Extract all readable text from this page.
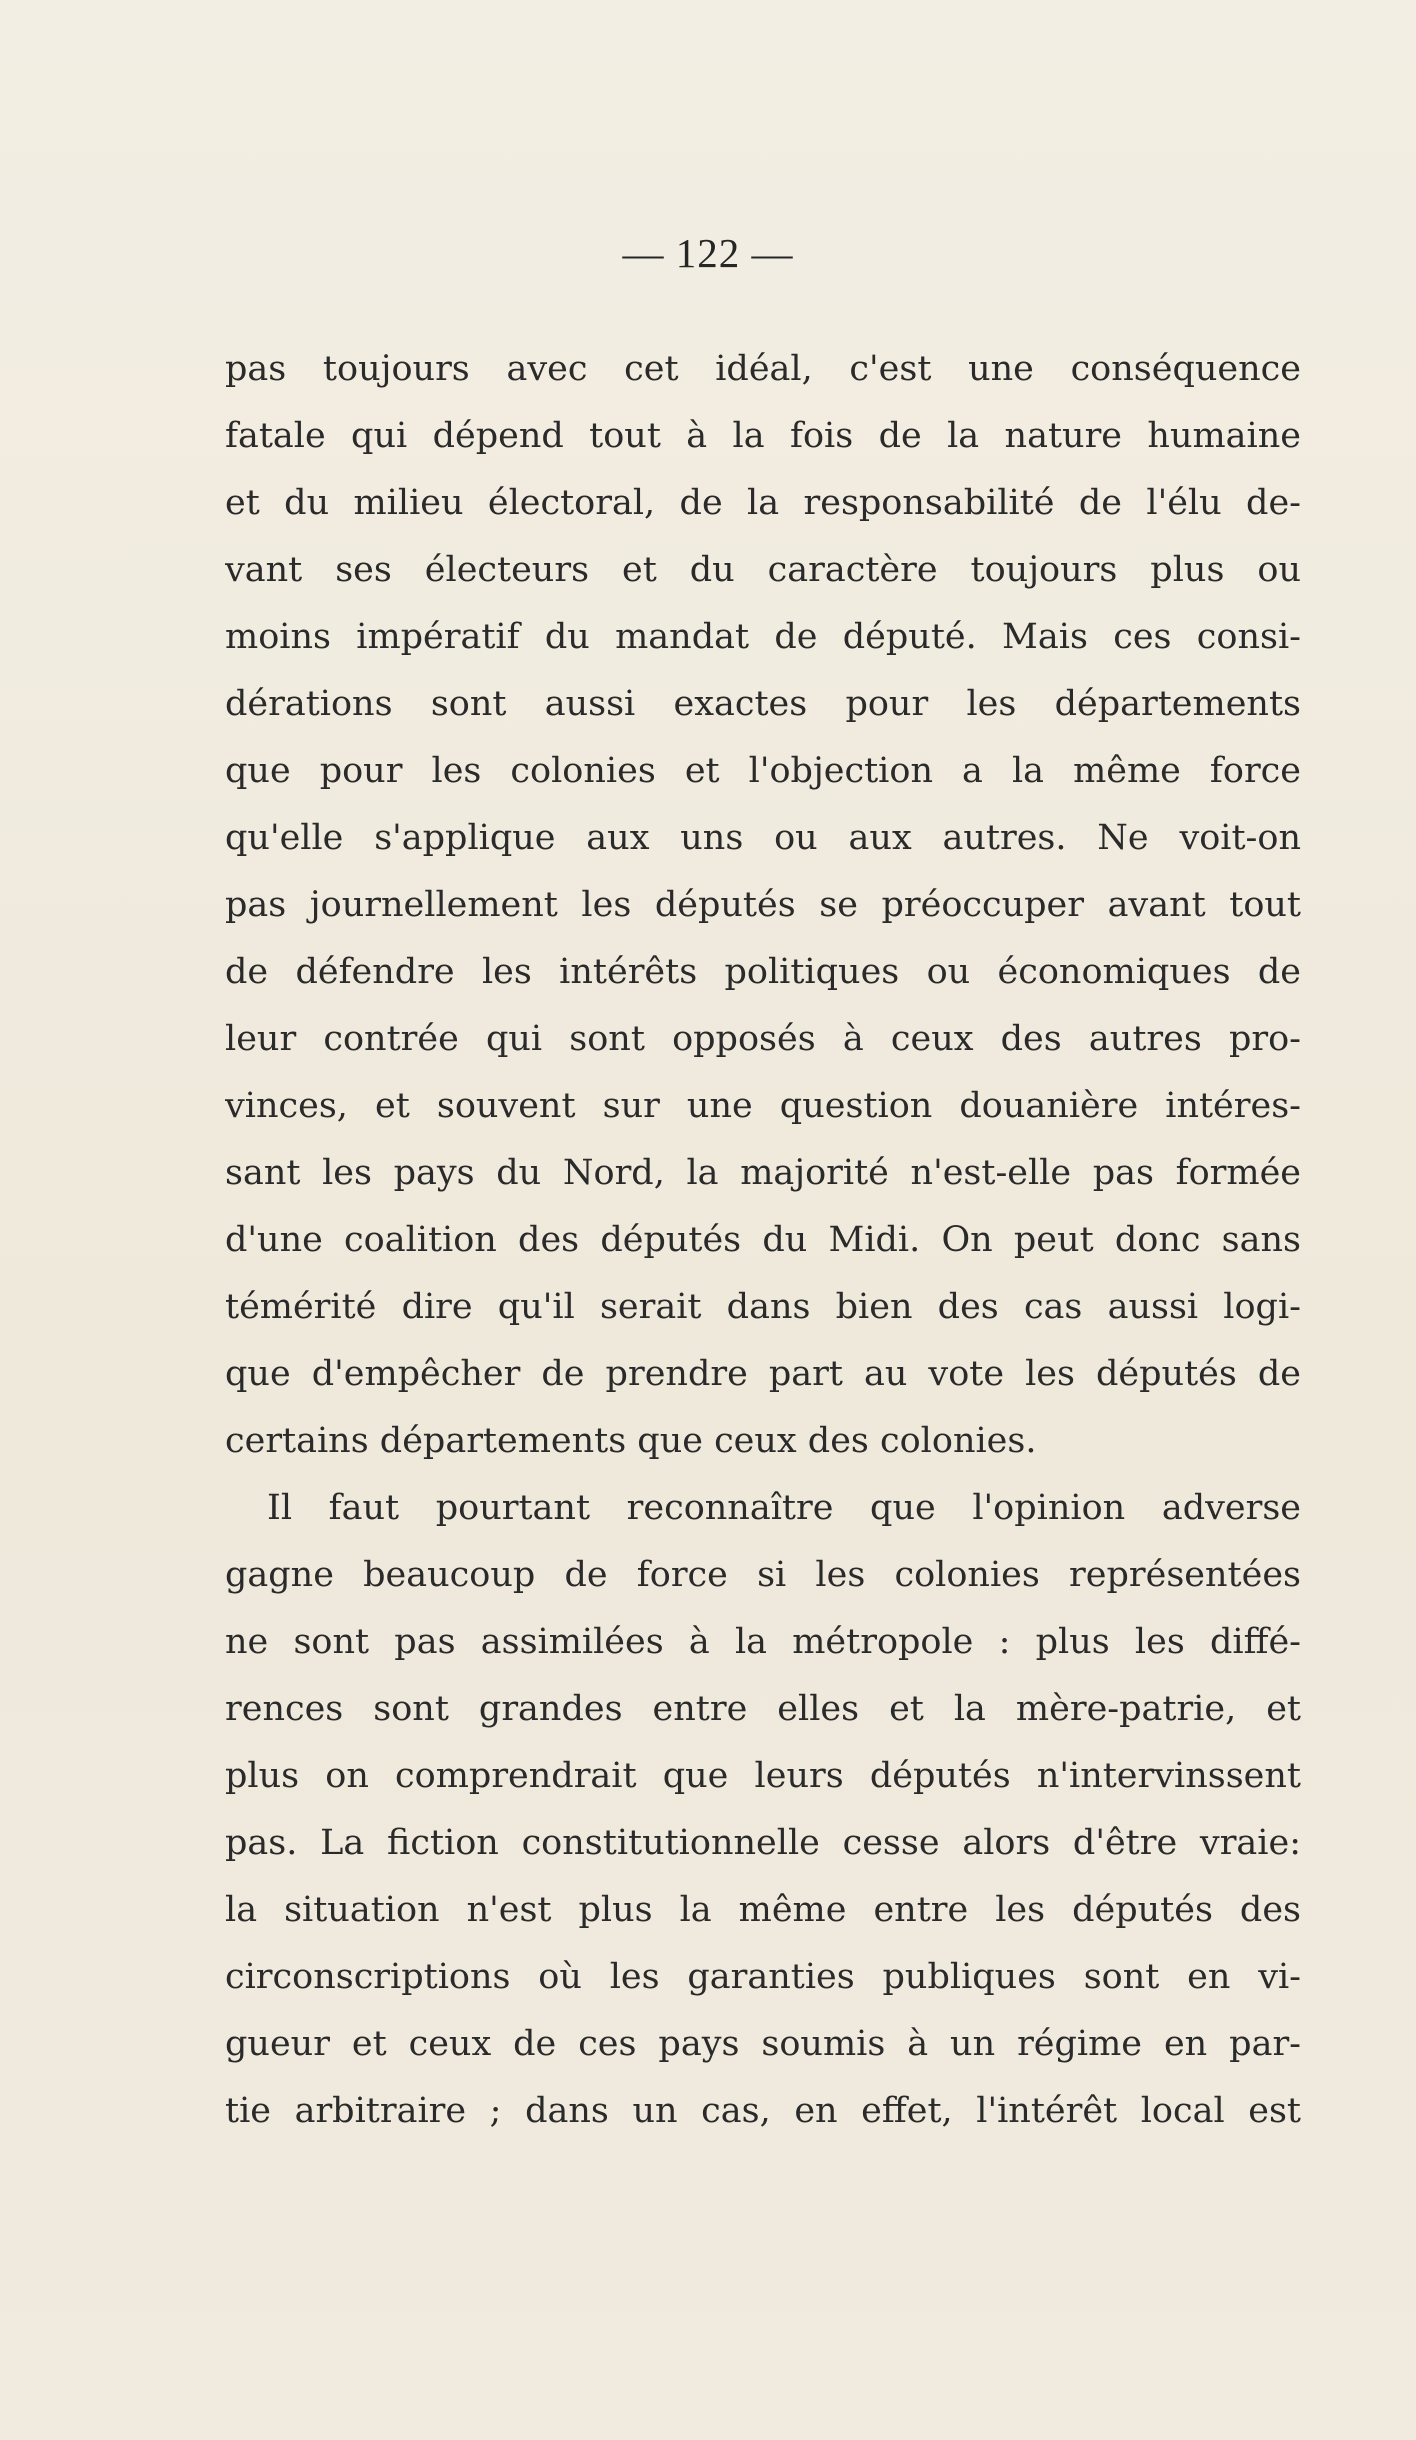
— 122 —
pas toujours avec cet idéal, c'est une conséquence
fatale qui dépend tout à la fois de la nature humaine
et du milieu électoral, de la responsabilité de l'élu de-
vant ses électeurs et du caractère toujours plus ou
moins impératif du mandat de député. Mais ces consi-
dérations sont aussi exactes pour les départements
que pour les colonies et l'objection a la même force
qu'elle s'applique aux uns ou aux autres. Ne voit-on
pas journellement les députés se préoccuper avant tout
de défendre les intérêts politiques ou économiques de
leur contrée qui sont opposés à ceux des autres pro-
vinces, et souvent sur une question douanière intéres-
sant les pays du Nord, la majorité n'est-elle pas formée
d'une coalition des députés du Midi. On peut donc sans
témérité dire qu'il serait dans bien des cas aussi logi-
que d'empêcher de prendre part au vote les députés de
certains départements que ceux des colonies.
Il faut pourtant reconnaître que l'opinion adverse
gagne beaucoup de force si les colonies représentées
ne sont pas assimilées à la métropole : plus les diffé-
rences sont grandes entre elles et la mère-patrie, et
plus on comprendrait que leurs députés n'intervinssent
pas. La fiction constitutionnelle cesse alors d'être vraie:
la situation n'est plus la même entre les députés des
circonscriptions où les garanties publiques sont en vi-
gueur et ceux de ces pays soumis à un régime en par-
tie arbitraire ; dans un cas, en effet, l'intérêt local est
